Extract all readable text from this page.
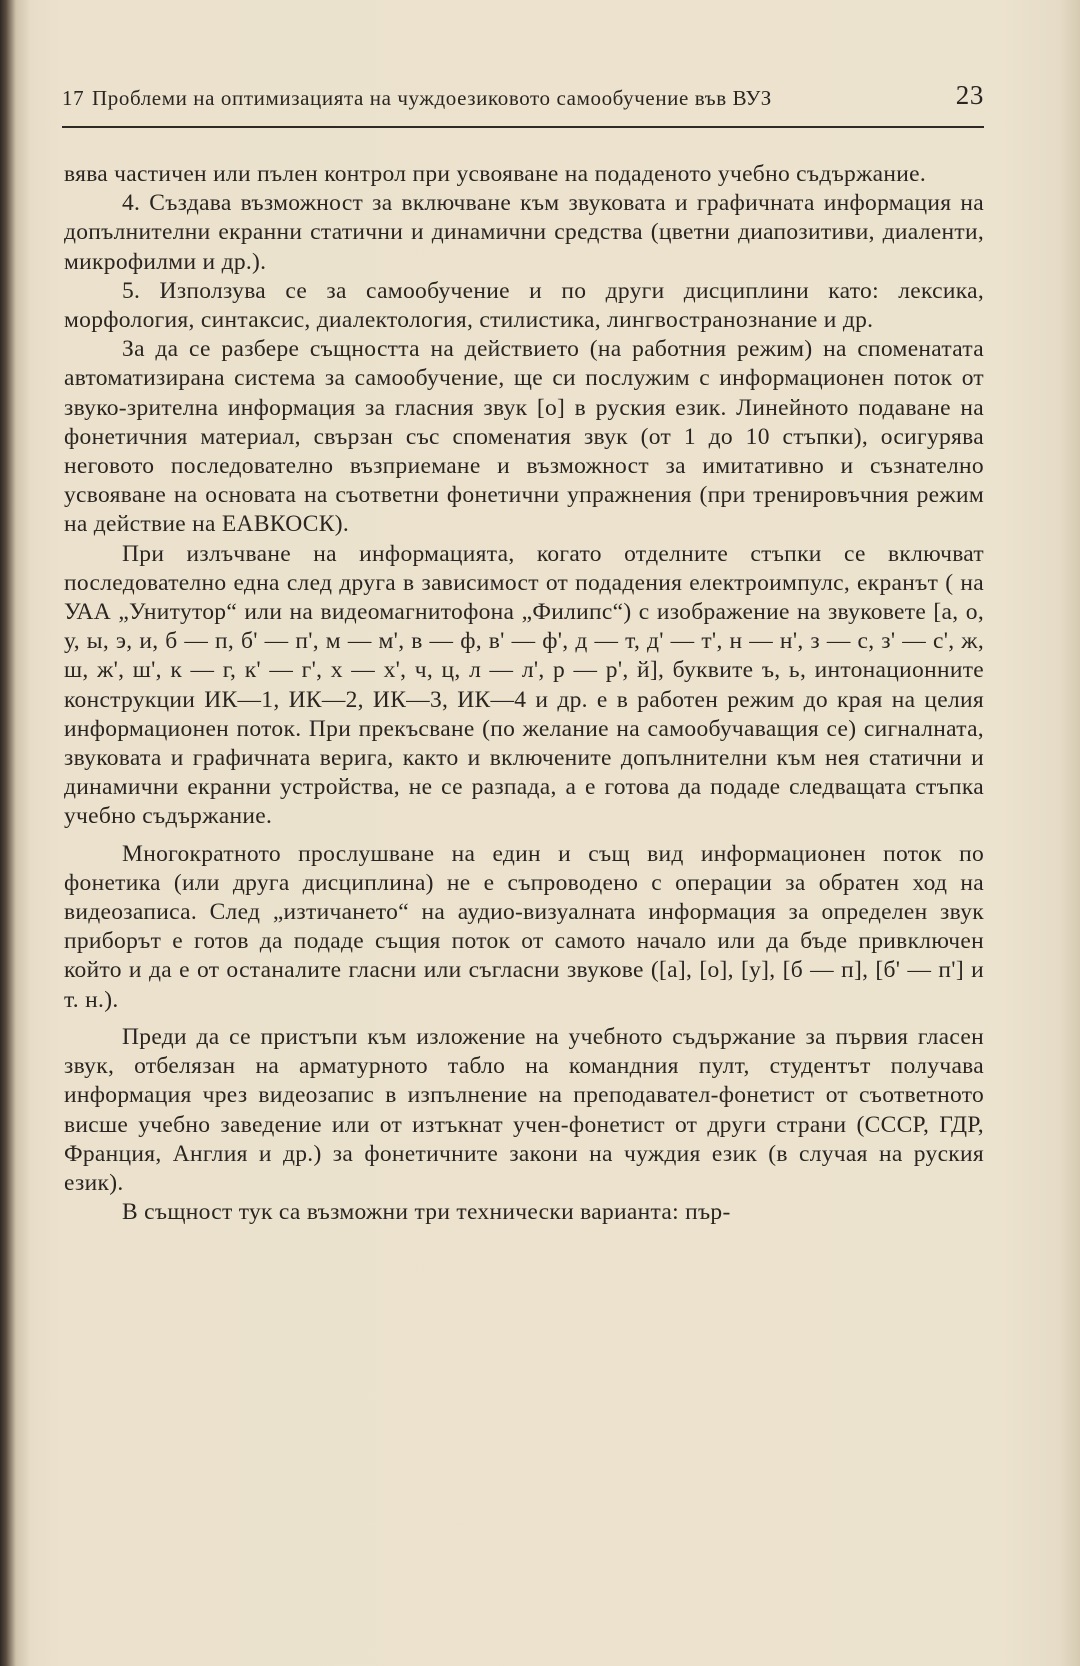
17 Проблеми на оптимизацията на чуждоезиковото самообучение във ВУЗ	23

вява частичен или пълен контрол при усвояване на подаденото учебно съдържание.

4. Създава възможност за включване към звуковата и графичната информация на допълнителни екранни статични и динамични средства (цветни диапозитиви, диаленти, микрофилми и др.).

5. Използува се за самообучение и по други дисциплини като: лексика, морфология, синтаксис, диалектология, стилистика, лингвостранознание и др.

За да се разбере същността на действието (на работния режим) на споменатата автоматизирана система за самообучение, ще си послужим с информационен поток от звуко-зрителна информация за гласния звук [о] в руския език. Линейното подаване на фонетичния материал, свързан със споменатия звук (от 1 до 10 стъпки), осигурява неговото последователно възприемане и възможност за имитативно и съзнателно усвояване на основата на съответни фонетични упражнения (при тренировъчния режим на действие на ЕАВКОСК).

При излъчване на информацията, когато отделните стъпки се включват последователно една след друга в зависимост от подадения електроимпулс, екранът ( на УАА „Унитутор“ или на видеомагнитофона „Филипс“) с изображение на звуковете [а, о, у, ы, э, и, б — п, б' — п', м — м', в — ф, в' — ф', д — т, д' — т', н — н', з — с, з' — с', ж, ш, ж', ш', к — г, к' — г', х — х', ч, ц, л — л', р — р', й], буквите ъ, ь, интонационните конструкции ИК—1, ИК—2, ИК—3, ИК—4 и др. е в работен режим до края на целия информационен поток. При прекъсване (по желание на самообучаващия се) сигналната, звуковата и графичната верига, както и включените допълнителни към нея статични и динамични екранни устройства, не се разпада, а е готова да подаде следващата стъпка учебно съдържание.

Многократното прослушване на един и същ вид информационен поток по фонетика (или друга дисциплина) не е съпроводено с операции за обратен ход на видеозаписа. След „изтичането“ на аудио-визуалната информация за определен звук приборът е готов да подаде същия поток от самото начало или да бъде привключен който и да е от останалите гласни или съгласни звукове ([а], [о], [у], [б — п], [б' — п'] и т. н.).

Преди да се пристъпи към изложение на учебното съдържание за първия гласен звук, отбелязан на арматурното табло на командния пулт, студентът получава информация чрез видеозапис в изпълнение на преподавател-фонетист от съответното висше учебно заведение или от изтъкнат учен-фонетист от други страни (СССР, ГДР, Франция, Англия и др.) за фонетичните закони на чуждия език (в случая на руския език).

В същност тук са възможни три технически варианта: пър-
